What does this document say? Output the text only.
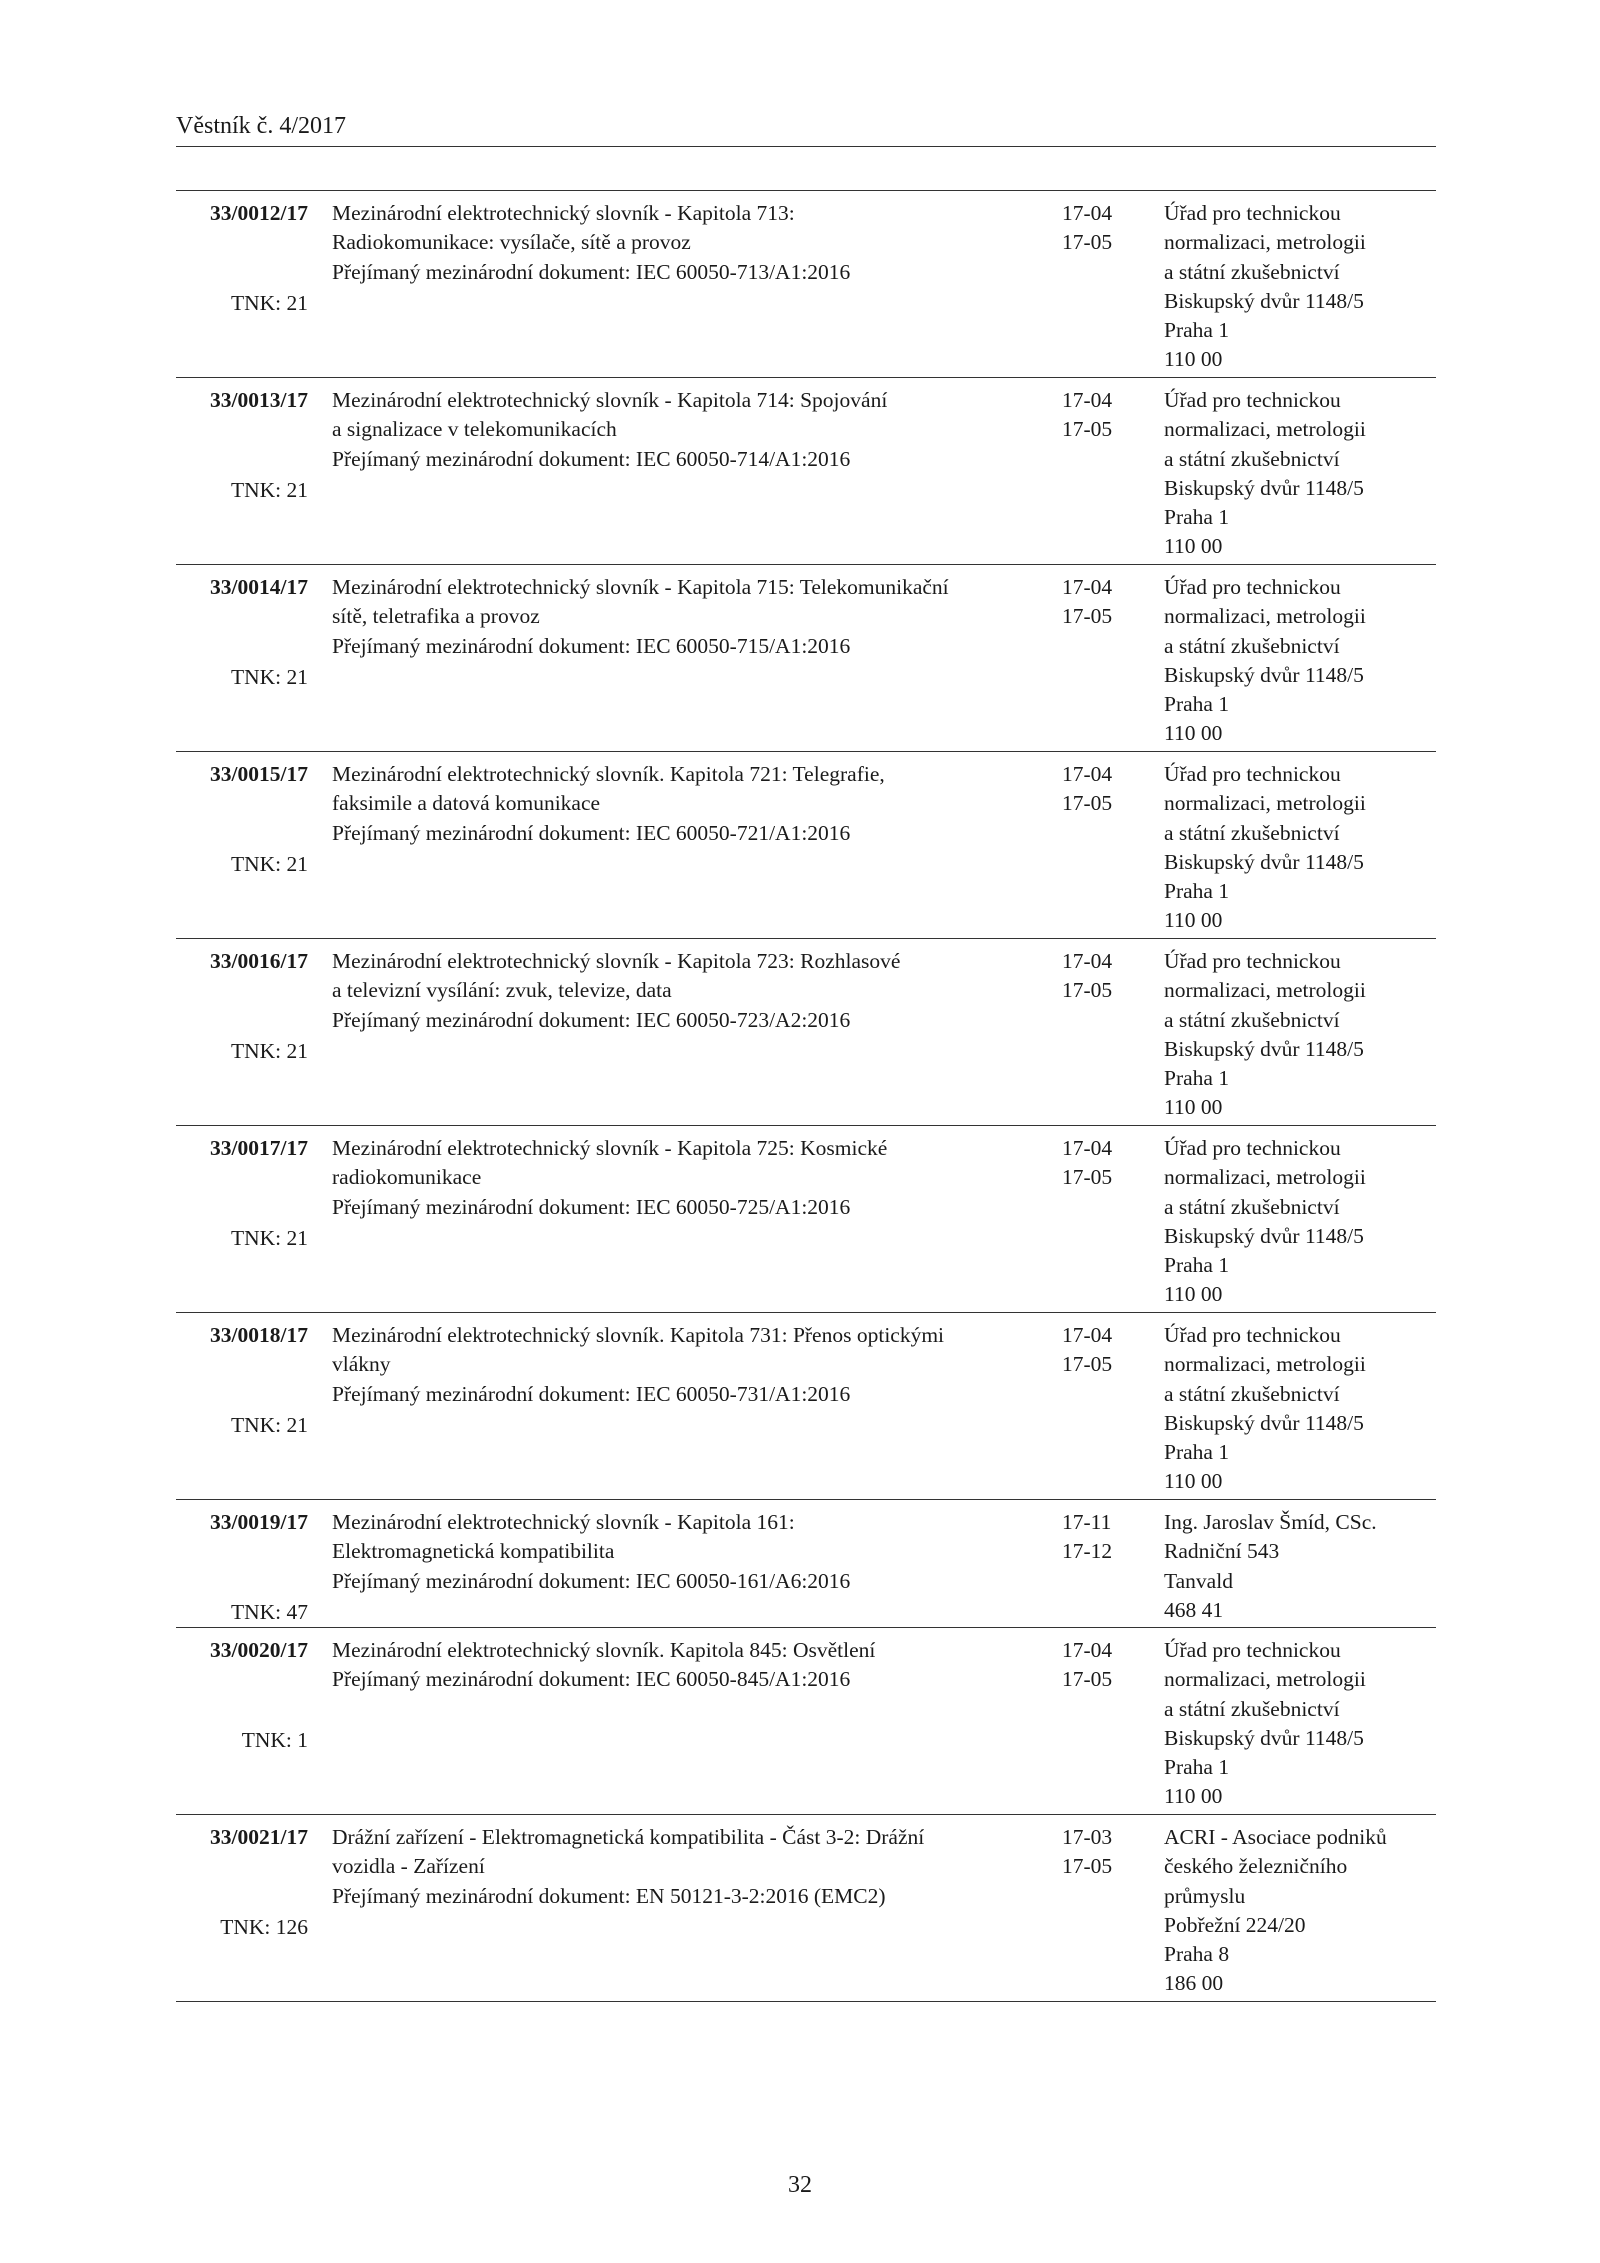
Věstník č. 4/2017
33/0012/17
TNK: 21
Mezinárodní elektrotechnický slovník - Kapitola 713:
Radiokomunikace: vysílače, sítě a provoz
Přejímaný mezinárodní dokument: IEC 60050-713/A1:2016
17-04
17-05
Úřad pro technickou
normalizaci, metrologii
a státní zkušebnictví
Biskupský dvůr 1148/5
Praha 1
110 00
33/0013/17
TNK: 21
Mezinárodní elektrotechnický slovník - Kapitola 714: Spojování
a signalizace v telekomunikacích
Přejímaný mezinárodní dokument: IEC 60050-714/A1:2016
17-04
17-05
Úřad pro technickou
normalizaci, metrologii
a státní zkušebnictví
Biskupský dvůr 1148/5
Praha 1
110 00
33/0014/17
TNK: 21
Mezinárodní elektrotechnický slovník - Kapitola 715: Telekomunikační
sítě, teletrafika a provoz
Přejímaný mezinárodní dokument: IEC 60050-715/A1:2016
17-04
17-05
Úřad pro technickou
normalizaci, metrologii
a státní zkušebnictví
Biskupský dvůr 1148/5
Praha 1
110 00
33/0015/17
TNK: 21
Mezinárodní elektrotechnický slovník. Kapitola 721: Telegrafie,
faksimile a datová komunikace
Přejímaný mezinárodní dokument: IEC 60050-721/A1:2016
17-04
17-05
Úřad pro technickou
normalizaci, metrologii
a státní zkušebnictví
Biskupský dvůr 1148/5
Praha 1
110 00
33/0016/17
TNK: 21
Mezinárodní elektrotechnický slovník - Kapitola 723: Rozhlasové
a televizní vysílání: zvuk, televize, data
Přejímaný mezinárodní dokument: IEC 60050-723/A2:2016
17-04
17-05
Úřad pro technickou
normalizaci, metrologii
a státní zkušebnictví
Biskupský dvůr 1148/5
Praha 1
110 00
33/0017/17
TNK: 21
Mezinárodní elektrotechnický slovník - Kapitola 725: Kosmické
radiokomunikace
Přejímaný mezinárodní dokument: IEC 60050-725/A1:2016
17-04
17-05
Úřad pro technickou
normalizaci, metrologii
a státní zkušebnictví
Biskupský dvůr 1148/5
Praha 1
110 00
33/0018/17
TNK: 21
Mezinárodní elektrotechnický slovník. Kapitola 731: Přenos optickými
vlákny
Přejímaný mezinárodní dokument: IEC 60050-731/A1:2016
17-04
17-05
Úřad pro technickou
normalizaci, metrologii
a státní zkušebnictví
Biskupský dvůr 1148/5
Praha 1
110 00
33/0019/17
TNK: 47
Mezinárodní elektrotechnický slovník - Kapitola 161:
Elektromagnetická kompatibilita
Přejímaný mezinárodní dokument: IEC 60050-161/A6:2016
17-11
17-12
Ing. Jaroslav Šmíd, CSc.
Radniční 543
Tanvald
468 41
33/0020/17
TNK: 1
Mezinárodní elektrotechnický slovník. Kapitola 845: Osvětlení
Přejímaný mezinárodní dokument: IEC 60050-845/A1:2016
17-04
17-05
Úřad pro technickou
normalizaci, metrologii
a státní zkušebnictví
Biskupský dvůr 1148/5
Praha 1
110 00
33/0021/17
TNK: 126
Drážní zařízení - Elektromagnetická kompatibilita - Část 3-2: Drážní
vozidla - Zařízení
Přejímaný mezinárodní dokument: EN 50121-3-2:2016 (EMC2)
17-03
17-05
ACRI - Asociace podniků
českého železničního
průmyslu
Pobřežní 224/20
Praha 8
186 00
32
